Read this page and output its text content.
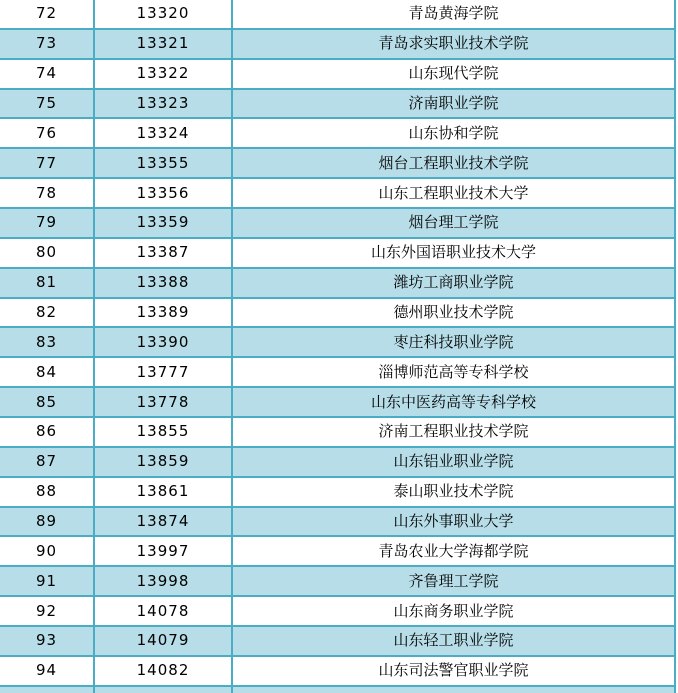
72	13320	青岛黄海学院
73	13321	青岛求实职业技术学院
74	13322	山东现代学院
75	13323	济南职业学院
76	13324	山东协和学院
77	13355	烟台工程职业技术学院
78	13356	山东工程职业技术大学
79	13359	烟台理工学院
80	13387	山东外国语职业技术大学
81	13388	潍坊工商职业学院
82	13389	德州职业技术学院
83	13390	枣庄科技职业学院
84	13777	淄博师范高等专科学校
85	13778	山东中医药高等专科学校
86	13855	济南工程职业技术学院
87	13859	山东铝业职业学院
88	13861	泰山职业技术学院
89	13874	山东外事职业大学
90	13997	青岛农业大学海都学院
91	13998	齐鲁理工学院
92	14078	山东商务职业学院
93	14079	山东轻工职业学院
94	14082	山东司法警官职业学院
